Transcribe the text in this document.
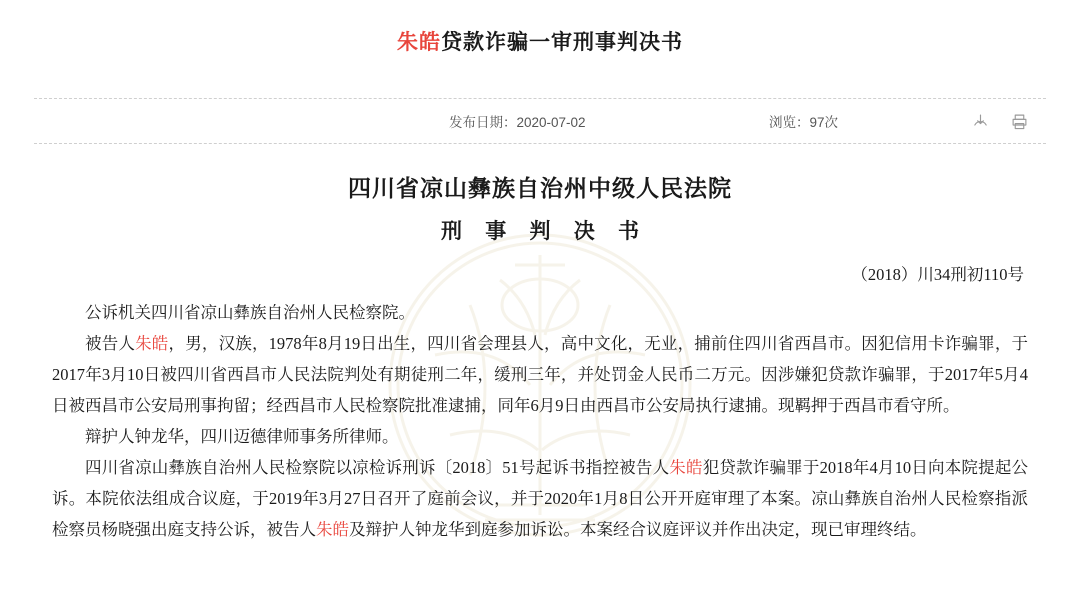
朱皓贷款诈骗一审刑事判决书
发布日期：2020-07-02	浏览：97次
四川省凉山彝族自治州中级人民法院
刑 事 判 决 书
（2018）川34刑初110号

公诉机关四川省凉山彝族自治州人民检察院。

被告人朱皓，男，汉族，1978年8月19日出生，四川省会理县人，高中文化，无业，捕前住四川省西昌市。因犯信用卡诈骗罪，于2017年3月10日被四川省西昌市人民法院判处有期徒刑二年，缓刑三年，并处罚金人民币二万元。因涉嫌犯贷款诈骗罪，于2017年5月4日被西昌市公安局刑事拘留；经西昌市人民检察院批准逮捕，同年6月9日由西昌市公安局执行逮捕。现羁押于西昌市看守所。

辩护人钟龙华，四川迈德律师事务所律师。

四川省凉山彝族自治州人民检察院以凉检诉刑诉〔2018〕51号起诉书指控被告人朱皓犯贷款诈骗罪于2018年4月10日向本院提起公诉。本院依法组成合议庭，于2019年3月27日召开了庭前会议，并于2020年1月8日公开开庭审理了本案。凉山彝族自治州人民检察指派检察员杨晓强出庭支持公诉，被告人朱皓及辩护人钟龙华到庭参加诉讼。本案经合议庭评议并作出决定，现已审理终结。
